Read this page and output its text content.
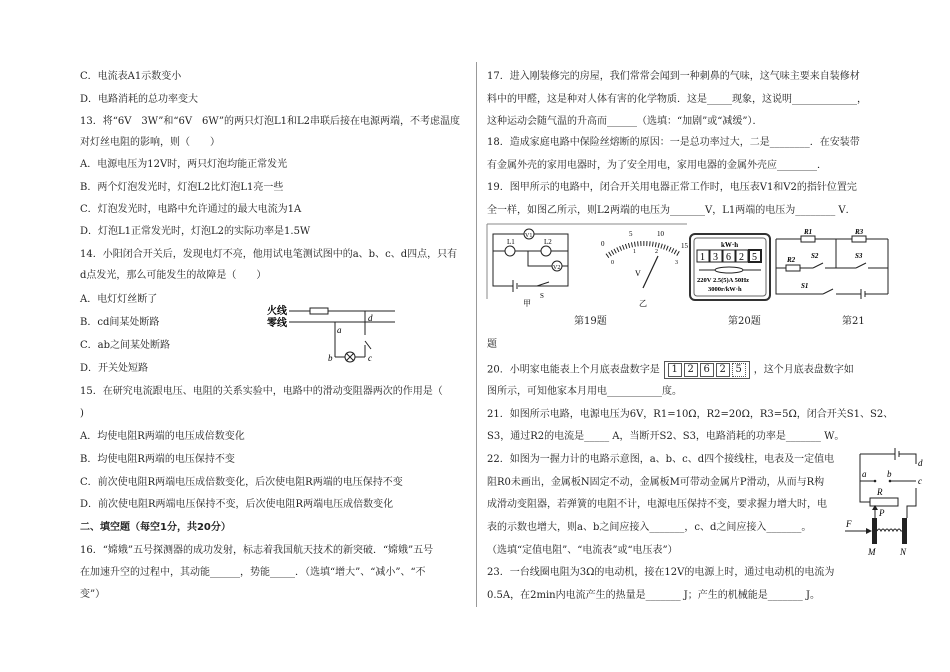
C．电流表A1示数变小
D．电路消耗的总功率变大
13．将“6V　3W”和“6V　6W”的两只灯泡L1和L2串联后接在电源两端，不考虑温度
对灯丝电阻的影响，则（　　）
A．电源电压为12V时，两只灯泡均能正常发光
B．两个灯泡发光时，灯泡L2比灯泡L1亮一些
C．灯泡发光时，电路中允许通过的最大电流为1A
D．灯泡L1正常发光时，灯泡L2的实际功率是1.5W
14．小阳闭合开关后，发现电灯不亮，他用试电笔测试图中的a、b、c、d四点，只有
d点发光，那么可能发生的故障是（　　）
A．电灯灯丝断了
B．cd间某处断路
C．ab之间某处断路
D．开关处短路
火线
零线
a
b	c
d
15．在研究电流跟电压、电阻的关系实验中，电路中的滑动变阻器两次的作用是（
)
A．均使电阻R两端的电压成倍数变化
B．均使电阻R两端的电压保持不变
C．前次使电阻R两端电压成倍数变化，后次使电阻R两端的电压保持不变
D．前次使电阻R两端电压保持不变，后次使电阻R两端电压成倍数变化
二、填空题（每空1分，共20分）
16．“嫦娥”五号探测器的成功发射，标志着我国航天技术的新突破．“嫦娥”五号
在加速升空的过程中，其动能______，势能_____．（选填“增大”、“减小”、“不
变”）
17．进入刚装修完的房屋，我们常常会闻到一种刺鼻的气味，这气味主要来自装修材
料中的甲醛，这是种对人体有害的化学物质．这是_____现象，这说明_____________，
这种运动会随气温的升高而______（选填：“加剧”或“减缓”）．
18．造成家庭电路中保险丝熔断的原因：一是总功率过大，二是________．在安装带
有金属外壳的家用电器时，为了安全用电，家用电器的金属外壳应________．
19．图甲所示的电路中，闭合开关用电器正常工作时，电压表V1和V2的指针位置完
全一样，如图乙所示，则L2两端的电压为_______V，L1两端的电压为________ V．
V1
L1	L2
V2
S
甲
0
5	10
15
0
1	2
3
V
乙
kW·h
1 3 6 2 5
220V 2.5(5)A 50Hz
3000r/kW·h
R1	R3
R2 S2	S3
S1
第19题	第20题	第21
题
20．小明家电能表上个月底表盘数字是	1 2 6 2 5	，这个月底表盘数字如
图所示，可知他家本月用电___________度。
21．如图所示电路，电源电压为6V，R1=10Ω，R2=20Ω，R3=5Ω，闭合开关S1、S2、
S3，通过R2的电流是_____ A，当断开S2、S3，电路消耗的功率是_______ W。
22．如图为一握力计的电路示意图，a、b、c、d四个接线柱，电表及一定值电
阻R0未画出，金属板N固定不动，金属板M可带动金属片P滑动，从而与R构
成滑动变阻器，若弹簧的电阻不计，电源电压保持不变，要求握力增大时，电
表的示数也增大，则a、b之间应接入_______，c、d之间应接入_______。
（选填“定值电阻”、“电流表”或“电压表”）
23．一台线圈电阻为3Ω的电动机，接在12V的电源上时，通过电动机的电流为
0.5A，在2min内电流产生的热量是_______ J；产生的机械能是_______ J。
a b
d
c
R
P
F
M	N
